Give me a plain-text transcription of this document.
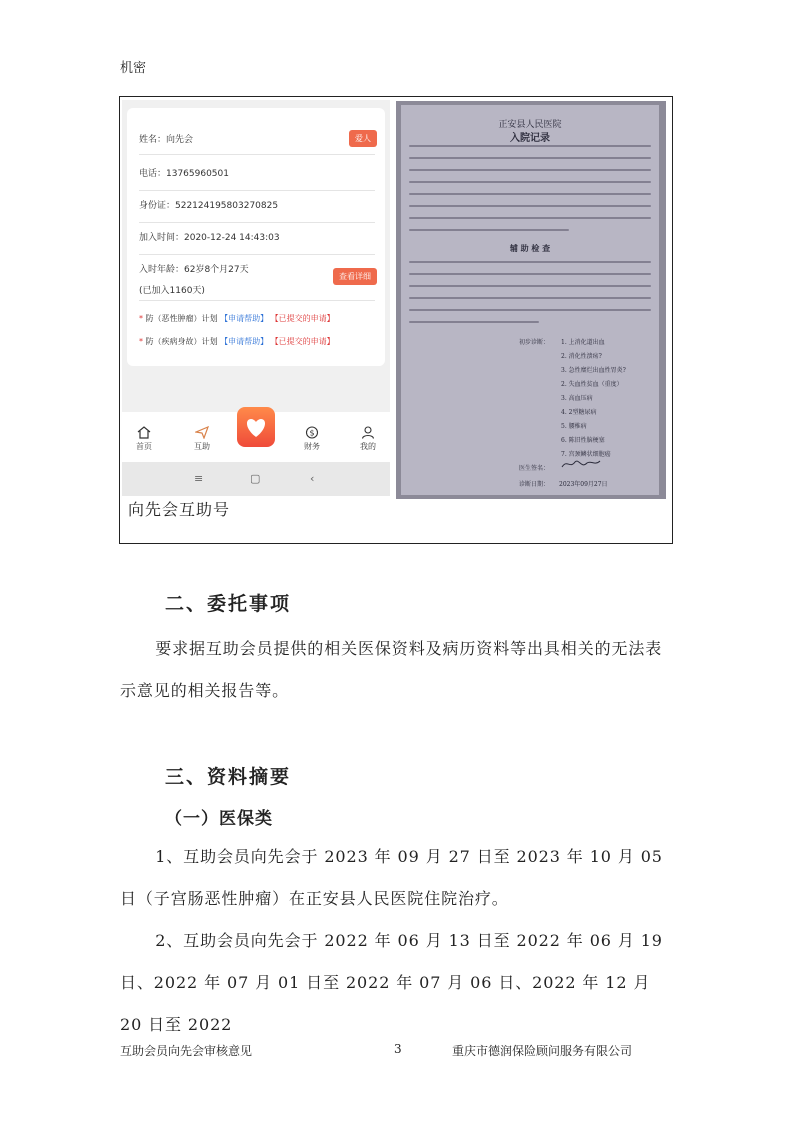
机密
姓名：向先会	爱人
电话：13765960501
身份证：522124195803270825
加入时间：2020-12-24 14:43:03
入时年龄：62岁8个月27天
(已加入1160天)
查看详细
* 防（恶性肿瘤）计划 【申请帮助】 【已提交的申请】
* 防（疾病身故）计划 【申请帮助】 【已提交的申请】
首页	互助
$
财务	我的
≡	▢	‹
向先会互助号
正安县人民医院
入院记录
辅 助 检 查
初步诊断： 1. 上消化道出血
2. 消化性溃疡?
3. 急性糜烂出血性胃炎?
2. 失血性贫血（重度）
3. 高血压病
4. 2型糖尿病
5. 腰椎病
6. 陈旧性脑梗塞
7. 宫颈鳞状细胞癌
医生签名：
诊断日期： 2023年09月27日
二、委托事项
要求据互助会员提供的相关医保资料及病历资料等出具相关的无法表示意见的相关报告等。
三、资料摘要
（一）医保类
1、互助会员向先会于 2023 年 09 月 27 日至 2023 年 10 月 05 日（子宫肠恶性肿瘤）在正安县人民医院住院治疗。
2、互助会员向先会于 2022 年 06 月 13 日至 2022 年 06 月 19 日、2022 年 07 月 01 日至 2022 年 07 月 06 日、2022 年 12 月 20 日至 2022
互助会员向先会审核意见	3	重庆市德润保险顾问服务有限公司
